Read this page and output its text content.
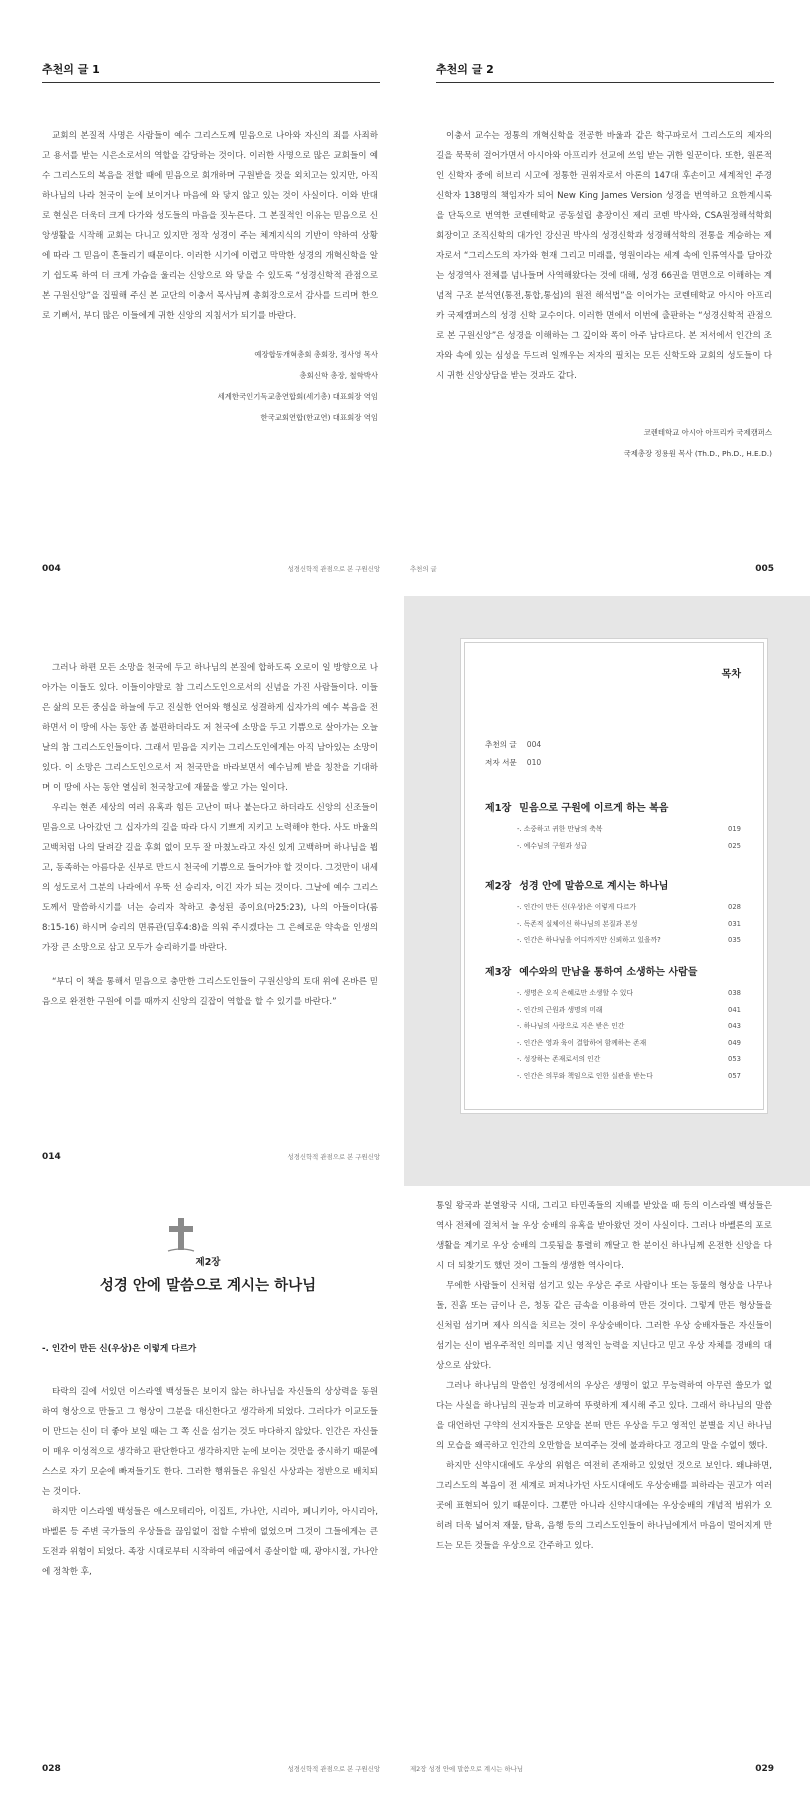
추천의 글 1

교회의 본질적 사명은 사람들이 예수 그리스도께 믿음으로 나아와 자신의 죄를 사죄하고 용서를 받는 시은소로서의 역할을 감당하는 것이다. 이러한 사명으로 많은 교회들이 예수 그리스도의 복음을 전할 때에 믿음으로 회개하며 구원받을 것을 외치고는 있지만, 아직 하나님의 나라 천국이 눈에 보이거나 마음에 와 닿지 않고 있는 것이 사실이다. 이와 반대로 현실은 더욱더 크게 다가와 성도들의 마음을 짓누른다. 그 본질적인 이유는 믿음으로 신앙생활을 시작해 교회는 다니고 있지만 정작 성경이 주는 체계지식의 기반이 약하여 상황에 따라 그 믿음이 흔들리기 때문이다. 이러한 시기에 이렵고 막막한 성경의 개혁신학을 알기 쉽도록 하여 더 크게 가슴을 울리는 신앙으로 와 닿을 수 있도록 “성경신학적 관점으로 본 구원신앙”을 집필해 주신 본 교단의 이충서 목사님께 총회장으로서 감사를 드리며 한으로 기뻐서, 부디 많은 이들에게 귀한 신앙의 지침서가 되기를 바란다.

예장합동개혁총회 총회장, 정사영 목사
총회신학 총장, 철학박사
세계한국인기독교총연합회(세기총) 대표회장 역임
한국교회연합(한교연) 대표회장 역임
004	성경신학적 관점으로 본 구원신앙
추천의 글 2

이충서 교수는 정통의 개혁신학을 전공한 바울과 같은 학구파로서 그리스도의 제자의 길을 묵묵히 걸어가면서 아시아와 아프리카 선교에 쓰임 받는 귀한 일꾼이다. 또한, 원론적인 신학자 중에 히브리 시고에 정통한 권위자로서 아론의 147대 후손이고 세계적인 주경신학자 138명의 책임자가 되어 New King James Version 성경을 번역하고 요한계시록을 단독으로 번역한 코렌테학교 공동설립 총장이신 제리 코렌 박사와, CSA원정해석학회 회장이고 조직신학의 대가인 강신권 박사의 성경신학과 성경해석학의 전통을 계승하는 제자로서 “그리스도의 자가와 현재 그리고 미래를, 영원이라는 세계 속에 인류역사를 담아갔는 성경역사 전체를 넘나들며 사역해왔다는 것에 대해, 성경 66권을 면면으로 이해하는 계념적 구조 분석연(통전,통합,통섭)의 원전 해석법”을 이어가는 코렌테학교 아시아 아프리카 국제캠퍼스의 성경 신학 교수이다. 이러한 면에서 이번에 출판하는 “성경신학적 관점으로 본 구원신앙”은 성경을 이해하는 그 깊이와 폭이 아주 남다르다. 본 저서에서 인간의 조자와 속에 있는 심성을 두드려 일깨우는 저자의 필치는 모든 신학도와 교회의 성도들이 다시 귀한 신앙상담을 받는 것과도 같다.

코렌테학교 아시아 아프리카 국제캠퍼스
국제총장 정용원 목사 (Th.D., Ph.D., H.E.D.)
추천의 글	005

그러나 하편 모든 소망을 천국에 두고 하나님의 본질에 합하도록 오로이 일 방향으로 나아가는 이들도 있다. 이들이야말로 참 그리스도인으로서의 신념을 가진 사람들이다. 이들은 삶의 모든 중심을 하늘에 두고 진실한 언어와 행실로 성결하게 십자가의 예수 복음을 전하면서 이 땅에 사는 동안 좀 불편하더라도 저 천국에 소망을 두고 기쁨으로 살아가는 오늘날의 참 그리스도인들이다. 그래서 믿음을 지키는 그리스도인에게는 아직 남아있는 소망이 있다. 이 소망은 그리스도인으로서 저 천국만을 바라보면서 예수님께 받을 칭찬을 기대하며 이 땅에 사는 동안 열심히 천국창고에 재물을 쌓고 가는 일이다.

우리는 현존 세상의 여러 유혹과 힘든 고난이 떠나 붙는다고 하더라도 신앙의 신조들이 믿음으로 나아갔던 그 십자가의 길을 따라 다시 기쁘게 지키고 노력해야 한다. 사도 바울의 고백처럼 나의 달려갈 길을 후회 없이 모두 잘 마쳤노라고 자신 있게 고백하며 하나님을 뵙고, 동족하는 아름다운 신부로 만드시 천국에 기쁨으로 들어가야 할 것이다. 그것만이 내세의 성도로서 그분의 나라에서 우뚝 선 승리자, 이긴 자가 되는 것이다. 그날에 예수 그리스도께서 말씀하시기를 너는 승리자 착하고 충성된 종이요(마25:23), 나의 아들이다(롬8:15-16) 하시며 승리의 면류관(딤후4:8)을 의워 주시겠다는 그 은혜로운 약속을 인생의 가장 큰 소망으로 삼고 모두가 승리하기를 바란다.

“부디 이 책을 통해서 믿음으로 충만한 그리스도인들이 구원신앙의 토대 위에 온바른 믿음으로 완전한 구원에 이를 때까지 신앙의 길잡이 역할을 할 수 있기를 바란다.”

014	성경신학적 관점으로 본 구원신앙
목차
추천의 글 004
저자 서문 010
제1장 믿음으로 구원에 이르게 하는 복음
-. 소중하고 귀한 만남의 축복	019
-. 예수님의 구원과 성급	025
제2장 성경 안에 말씀으로 계시는 하나님
-. 인간이 만든 신(우상)은 이렇게 다르가	028
-. 독존적 실체이신 하나님의 본질과 본성	031
-. 인간은 하나님을 어디까지만 신뢰하고 있을까?	035
제3장 예수와의 만남을 통하여 소생하는 사람들
-. 생명은 오직 은혜로만 소생할 수 있다	038
-. 인간의 근원과 생명의 미래	041
-. 하나님의 사랑으로 지은 받은 인간	043
-. 인간은 영과 육이 결합하여 함께하는 존재	049
-. 성장하는 존재로서의 인간	053
-. 인간은 의무와 책임으로 인한 실관을 받는다	057
제2장
성경 안에 말씀으로 계시는 하나님
-. 인간이 만든 신(우상)은 이렇게 다르가

타락의 길에 서있던 이스라엘 백성들은 보이지 않는 하나님을 자신들의 상상력을 동원하여 형상으로 만들고 그 형상이 그분을 대신한다고 생각하게 되었다. 그러다가 이교도들이 만드는 신이 더 좋아 보일 때는 그 쪽 신을 섬기는 것도 마다하지 않았다. 인간은 자신들이 매우 이성적으로 생각하고 판단한다고 생각하지만 눈에 보이는 것만을 중시하기 때문에 스스로 자기 모순에 빠져들기도 한다. 그러한 행위들은 유일신 사상과는 정반으로 배치되는 것이다.

하지만 이스라엘 백성들은 애스모테리아, 이집트, 가나안, 시리아, 페니키아, 아시리아, 바벨론 등 주변 국가들의 우상들을 끊임없이 접할 수밖에 없었으며 그것이 그들에게는 큰 도전과 위험이 되었다. 족장 시대로부터 시작하여 애굽에서 종살이할 때, 광야시절, 가나안에 정착한 후,

028	성경신학적 관점으로 본 구원신앙

통일 왕국과 분열왕국 시대, 그리고 타민족들의 지배를 받았을 때 등의 이스라엘 백성들은 역사 전체에 걸쳐서 늘 우상 숭배의 유혹을 받아왔던 것이 사실이다. 그러나 바벨론의 포로생활을 계기로 우상 숭배의 그릇됨을 통렬히 깨달고 한 분이신 하나님께 온전한 신앙을 다시 더 되찾기도 했던 것이 그들의 생생한 역사이다.

무에한 사람들이 신처럼 섬기고 있는 우상은 주로 사람이나 또는 동물의 형상을 나무나 돌, 진흙 또는 금이나 은, 청동 같은 금속을 이용하여 만든 것이다. 그렇게 만든 형상들을 신처럼 섬기며 제사 의식을 치르는 것이 우상숭배이다. 그러한 우상 숭배자들은 자신들이 섬기는 신이 범우주적인 의미를 지닌 영적인 능력을 지닌다고 믿고 우상 자체를 경배의 대상으로 삼았다.

그러나 하나님의 말씀인 성경에서의 우상은 생명이 없고 무능력하여 아무런 쓸모가 없다는 사실을 하나님의 권능과 비교하여 뚜렷하게 제시해 주고 있다. 그래서 하나님의 말씀을 대언하던 구약의 선지자들은 모양을 본떠 만든 우상을 두고 영적인 분별을 지닌 하나님의 모습을 왜곡하고 인간의 오만함을 보여주는 것에 불과하다고 경고의 말을 수없이 했다.

하지만 신약시대에도 우상의 위험은 여전히 존재하고 있었던 것으로 보인다. 왜냐하면, 그리스도의 복음이 전 세계로 퍼져나가던 사도시대에도 우상숭배를 피하라는 권고가 여러 곳에 표현되어 있기 때문이다. 그뿐만 아니라 신약시대에는 우상숭배의 개념적 범위가 오히려 더욱 넓어져 재물, 탐욕, 음행 등의 그리스도인들이 하나님에게서 마음이 멀어지게 만드는 모든 것들을 우상으로 간주하고 있다.

제2장 성경 안에 말씀으로 계시는 하나님	029
